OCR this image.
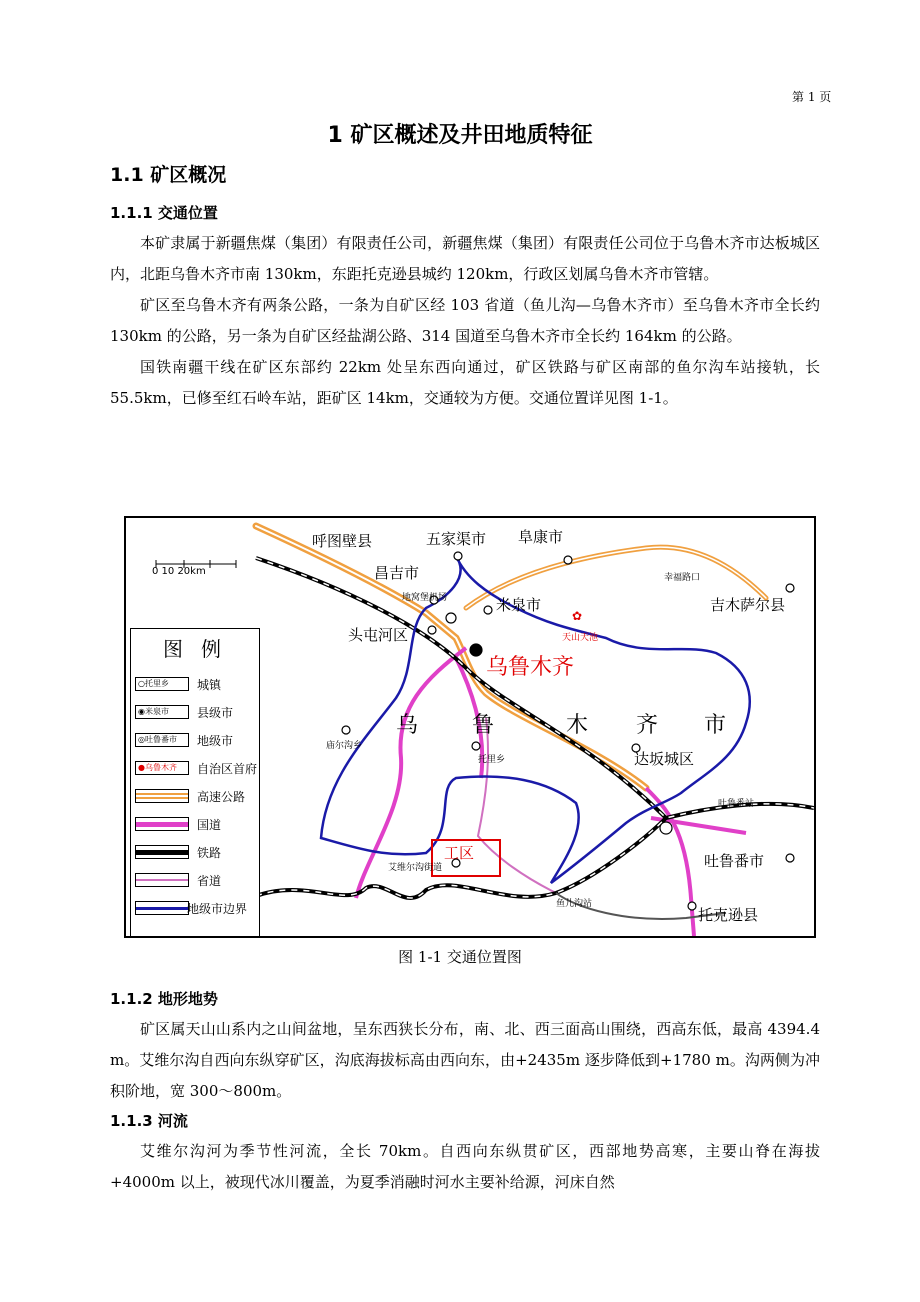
第 1 页
1 矿区概述及井田地质特征
1.1 矿区概况
1.1.1 交通位置

本矿隶属于新疆焦煤（集团）有限责任公司，新疆焦煤（集团）有限责任公司位于乌鲁木齐市达板城区内，北距乌鲁木齐市南 130km，东距托克逊县城约 120km，行政区划属乌鲁木齐市管辖。

矿区至乌鲁木齐有两条公路，一条为自矿区经 103 省道（鱼儿沟—乌鲁木齐市）至乌鲁木齐市全长约 130km 的公路，另一条为自矿区经盐湖公路、314 国道至乌鲁木齐市全长约 164km 的公路。

国铁南疆干线在矿区东部约 22km 处呈东西向通过，矿区铁路与矿区南部的鱼尔沟车站接轨，长 55.5km，已修至红石岭车站，距矿区 14km，交通较为方便。交通位置详见图 1-1。

✿
呼图壁县	五家渠市 阜康市
昌吉市
米泉市	吉木萨尔县
幸福路口
天山天池
地窝堡机场
头屯河区
乌鲁木齐
乌 鲁	木 齐 市
庙尔沟乡
托里乡	达坂城区
吐鲁番站
吐鲁番市
托克逊县
艾维尔沟街道
工区
鱼儿沟站
0 10 20km
图例
○托里乡	城镇
◉米泉市	县级市
◎吐鲁番市	地级市
●乌鲁木齐	自治区首府
高速公路
国道
铁路
省道
地级市边界
图 1-1 交通位置图
1.1.2 地形地势

矿区属天山山系内之山间盆地，呈东西狭长分布，南、北、西三面高山围绕，西高东低，最高 4394.4 m。艾维尔沟自西向东纵穿矿区，沟底海拔标高由西向东，由+2435m 逐步降低到+1780 m。沟两侧为冲积阶地，宽 300～800m。

1.1.3 河流

艾维尔沟河为季节性河流，全长 70km。自西向东纵贯矿区，西部地势高寒，主要山脊在海拔+4000m 以上，被现代冰川覆盖，为夏季消融时河水主要补给源，河床自然
